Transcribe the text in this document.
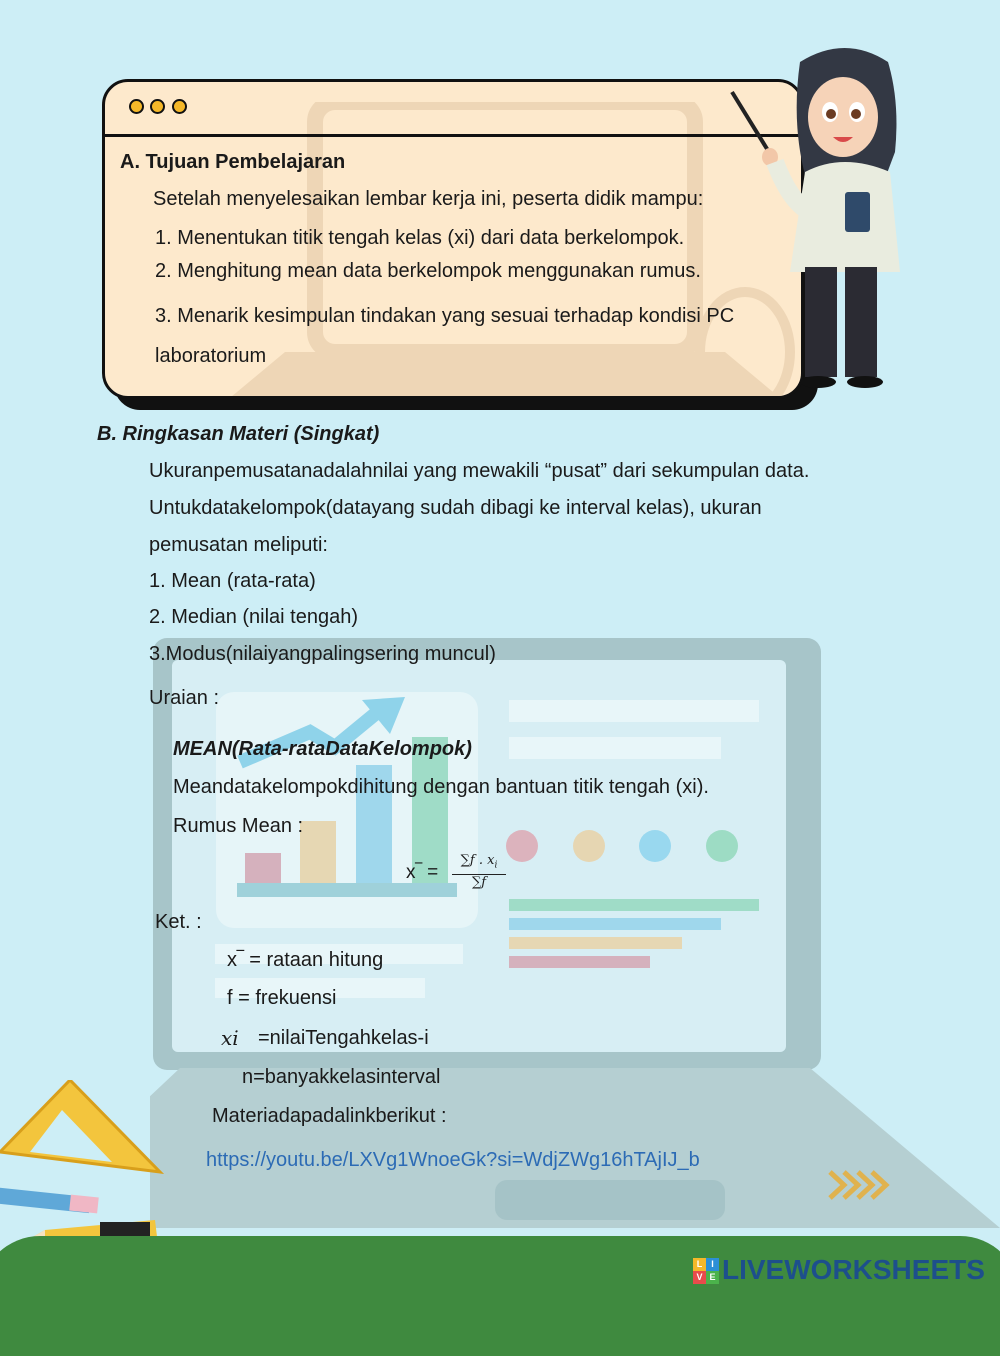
A. Tujuan Pembelajaran
Setelah menyelesaikan lembar kerja ini, peserta didik mampu:
1. Menentukan titik tengah kelas (xi) dari data berkelompok.
2. Menghitung mean data berkelompok menggunakan rumus.
3. Menarik kesimpulan tindakan yang sesuai terhadap kondisi PC
laboratorium
B. Ringkasan Materi (Singkat)
Ukuranpemusatanadalahnilai yang mewakili “pusat” dari sekumpulan data.
Untukdatakelompok(datayang sudah dibagi ke interval kelas), ukuran
pemusatan meliputi:
1. Mean (rata-rata)
2. Median (nilai tengah)
3.Modus(nilaiyangpalingsering muncul)
Uraian :
MEAN(Rata-rataDataKelompok)
Meandatakelompokdihitung dengan bantuan titik tengah (xi).
Rumus Mean :
x‾ = $\frac{\sum f . x_i}{\sum f}$
Ket. :
x‾ = rataan hitung
f = frekuensi
xi =nilaiTengahkelas-i
n=banyakkelasinterval
Materiadapadalinkberikut :
https://youtu.be/LXVg1WnoeGk?si=WdjZWg16hTAjIJ_b
L I
V E LIVEWORKSHEETS
